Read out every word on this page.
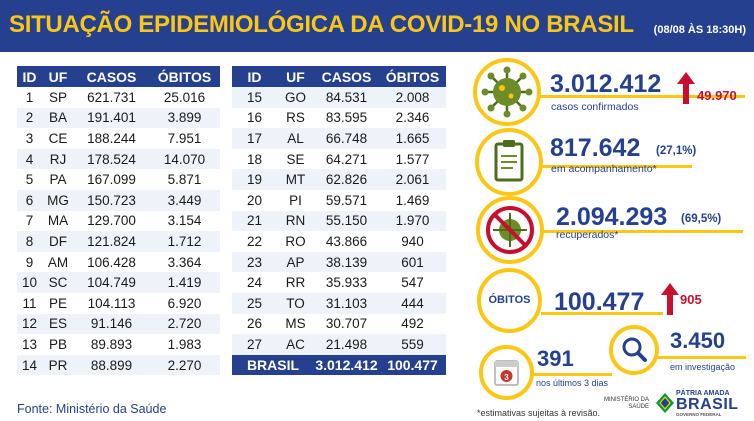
SITUAÇÃO EPIDEMIOLÓGICA DA COVID-19 NO BRASIL (08/08 ÀS 18:30H)
ID	UF	CASOS	ÓBITOS
1	SP	621.731	25.016
2	BA	191.401	3.899
3	CE	188.244	7.951
4	RJ	178.524	14.070
5	PA	167.099	5.871
6	MG	150.723	3.449
7	MA	129.700	3.154
8	DF	121.824	1.712
9	AM	106.428	3.364
10	SC	104.749	1.419
11	PE	104.113	6.920
12	ES	91.146	2.720
13	PB	89.893	1.983
14	PR	88.899	2.270
ID	UF	CASOS	ÓBITOS
15	GO	84.531	2.008
16	RS	83.595	2.346
17	AL	66.748	1.665
18	SE	64.271	1.577
19	MT	62.826	2.061
20	PI	59.571	1.469
21	RN	55.150	1.970
22	RO	43.866	940
23	AP	38.139	601
24	RR	35.933	547
25	TO	31.103	444
26	MS	30.707	492
27	AC	21.498	559
BRASIL		3.012.412	100.477
Fonte: Ministério da Saúde
3.012.412
casos confirmados
49.970
817.642 (27,1%)
em acompanhamento*
2.094.293 (69,5%)
recuperados*
ÓBITOS 100.477	905
3
391
nos últimos 3 dias
3.450
em investigação
*estimativas sujeitas à revisão.
MINISTÉRIO DA
SAÚDE
PÁTRIA AMADA
BRASIL
GOVERNO FEDERAL
